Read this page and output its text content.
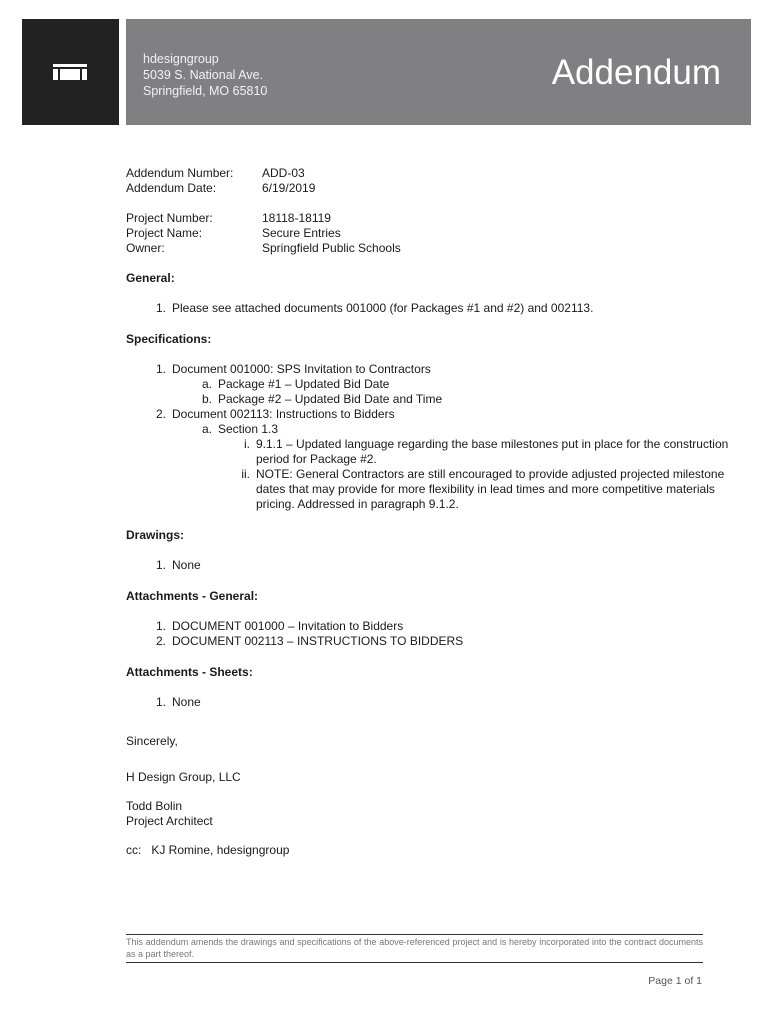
hdesigngroup
5039 S. National Ave.
Springfield, MO 65810	Addendum
Addendum Number:	ADD-03
Addendum Date:	6/19/2019
Project Number:	18118-18119
Project Name:	Secure Entries
Owner:	Springfield Public Schools
General:
1. Please see attached documents 001000 (for Packages #1 and #2) and 002113.
Specifications:
1. Document 001000: SPS Invitation to Contractors
a. Package #1 – Updated Bid Date
b. Package #2 – Updated Bid Date and Time
2. Document 002113: Instructions to Bidders
a. Section 1.3
i. 9.1.1 – Updated language regarding the base milestones put in place for the construction period for Package #2.
ii. NOTE: General Contractors are still encouraged to provide adjusted projected milestone dates that may provide for more flexibility in lead times and more competitive materials pricing. Addressed in paragraph 9.1.2.
Drawings:
1. None
Attachments - General:
1. DOCUMENT 001000 – Invitation to Bidders
2. DOCUMENT 002113 – INSTRUCTIONS TO BIDDERS
Attachments - Sheets:
1. None

Sincerely,

H Design Group, LLC

Todd Bolin

Project Architect

cc:   KJ Romine, hdesigngroup

This addendum amends the drawings and specifications of the above-referenced project and is hereby incorporated into the contract documents as a part thereof.
Page 1 of 1
